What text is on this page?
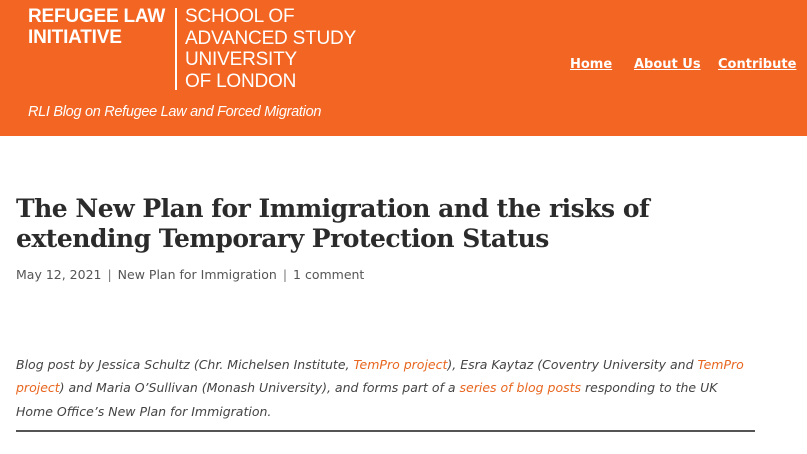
REFUGEE LAW
INITIATIVE
SCHOOL OF
ADVANCED STUDY
UNIVERSITY
OF LONDON
RLI Blog on Refugee Law and Forced Migration
Home About Us Contribute
The New Plan for Immigration and the risks of
extending Temporary Protection Status
May 12, 2021 | New Plan for Immigration | 1 comment

Blog post by Jessica Schultz (Chr. Michelsen Institute, TemPro project), Esra Kaytaz (Coventry University and TemPro project) and Maria O’Sullivan (Monash University), and forms part of a series of blog posts responding to the UK Home Office’s New Plan for Immigration.
